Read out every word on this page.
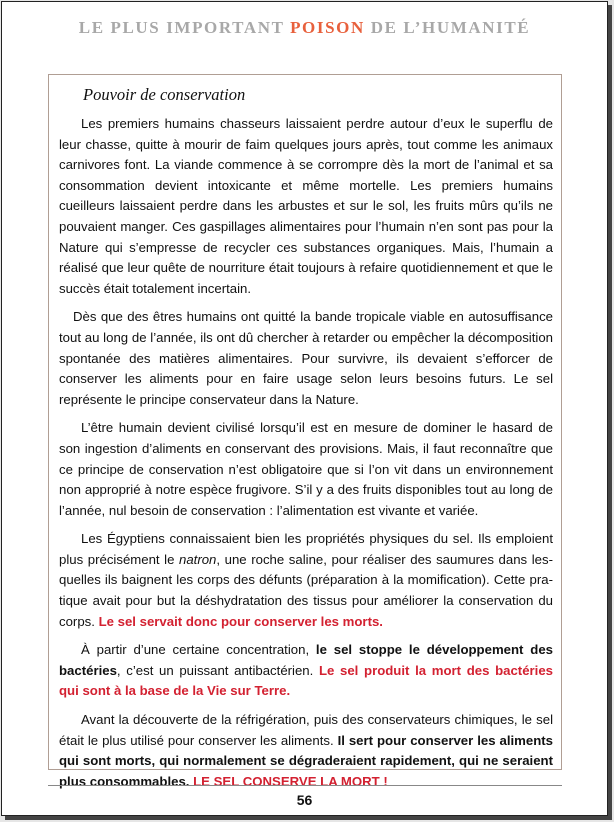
LE PLUS IMPORTANT POISON DE L’HUMANITÉ
Pouvoir de conservation

Les premiers humains chasseurs laissaient perdre autour d’eux le superflu de leur chasse, quitte à mourir de faim quelques jours après, tout comme les animaux carnivores font. La viande commence à se corrompre dès la mort de l’animal et sa consommation devient intoxicante et même mortelle. Les premiers humains cueilleurs laissaient perdre dans les arbustes et sur le sol, les fruits mûrs qu’ils ne pouvaient manger. Ces gaspillages alimentaires pour l’humain n’en sont pas pour la Nature qui s’empresse de recycler ces substances organiques. Mais, l’humain a réalisé que leur quête de nourriture était toujours à refaire quotidiennement et que le succès était totalement incertain.

Dès que des êtres humains ont quitté la bande tropicale viable en autosuffisance tout au long de l’année, ils ont dû chercher à retarder ou empêcher la décomposition spontanée des matières alimentaires. Pour survivre, ils devaient s’efforcer de conserver les aliments pour en faire usage selon leurs besoins futurs. Le sel représente le principe conservateur dans la Nature.

L’être humain devient civilisé lorsqu’il est en mesure de dominer le hasard de son ingestion d’aliments en conservant des provisions. Mais, il faut reconnaître que ce principe de conservation n’est obligatoire que si l’on vit dans un environnement non approprié à notre espèce frugivore. S’il y a des fruits disponibles tout au long de l’année, nul besoin de conservation : l’alimentation est vivante et variée.

Les Égyptiens connaissaient bien les propriétés physiques du sel. Ils emploient plus précisément le natron, une roche saline, pour réaliser des saumures dans lesquelles ils baignent les corps des défunts (préparation à la momification). Cette pratique avait pour but la déshydratation des tissus pour améliorer la conservation du corps. Le sel servait donc pour conserver les morts.

À partir d’une certaine concentration, le sel stoppe le développement des bactéries, c’est un puissant antibactérien. Le sel produit la mort des bactéries qui sont à la base de la Vie sur Terre.

Avant la découverte de la réfrigération, puis des conservateurs chimiques, le sel était le plus utilisé pour conserver les aliments. Il sert pour conserver les aliments qui sont morts, qui normalement se dégraderaient rapidement, qui ne seraient plus consommables. LE SEL CONSERVE LA MORT !

56
